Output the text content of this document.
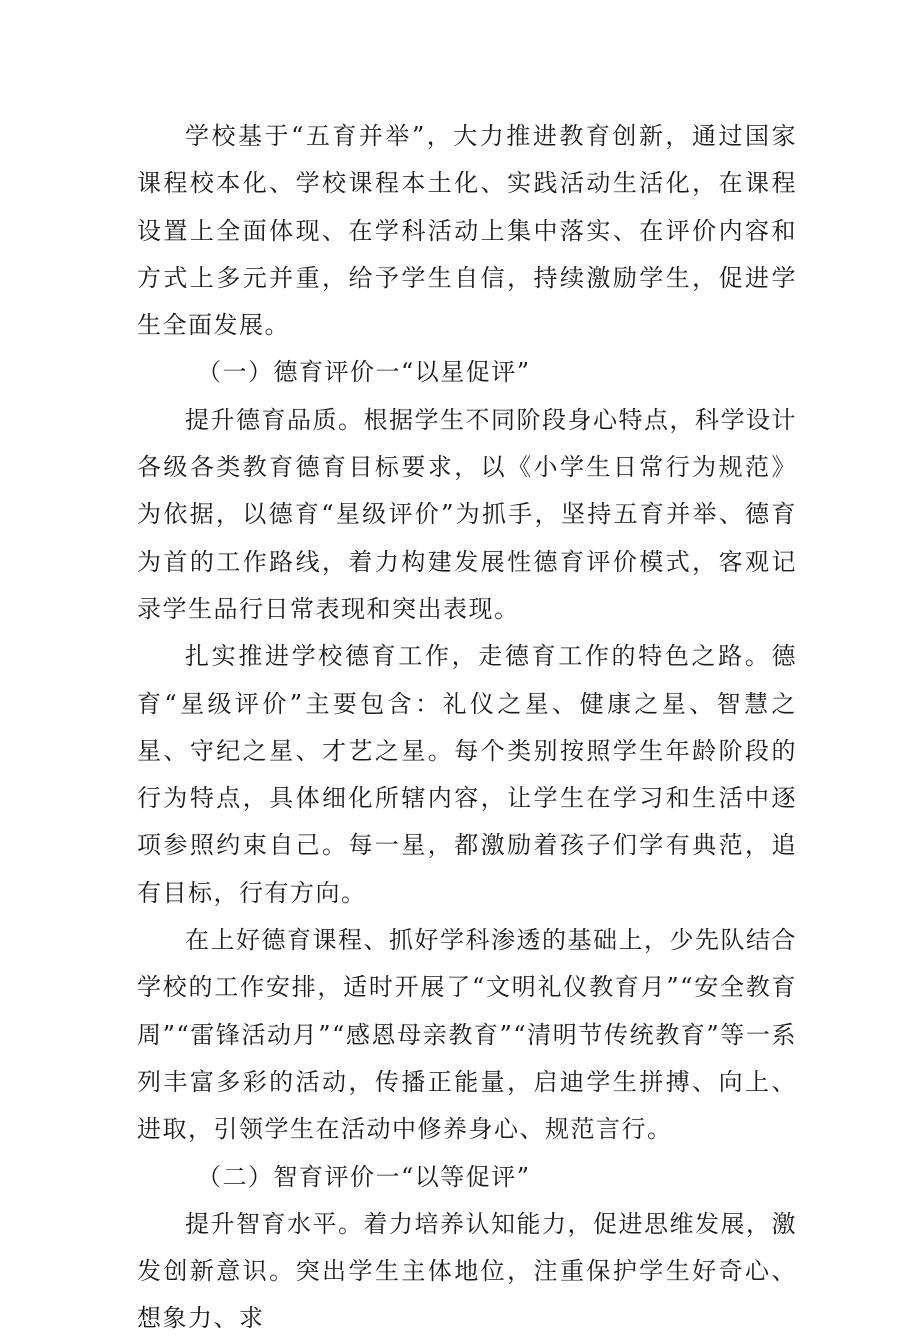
学校基于“五育并举”，大力推进教育创新，通过国家课程校本化、学校课程本土化、实践活动生活化，在课程设置上全面体现、在学科活动上集中落实、在评价内容和方式上多元并重，给予学生自信，持续激励学生，促进学生全面发展。

（一）德育评价一“以星促评”

提升德育品质。根据学生不同阶段身心特点，科学设计各级各类教育德育目标要求，以《小学生日常行为规范》为依据，以德育“星级评价”为抓手，坚持五育并举、德育为首的工作路线，着力构建发展性德育评价模式，客观记录学生品行日常表现和突出表现。

扎实推进学校德育工作，走德育工作的特色之路。德育“星级评价”主要包含：礼仪之星、健康之星、智慧之星、守纪之星、才艺之星。每个类别按照学生年龄阶段的行为特点，具体细化所辖内容，让学生在学习和生活中逐项参照约束自己。每一星，都激励着孩子们学有典范，追有目标，行有方向。

在上好德育课程、抓好学科渗透的基础上，少先队结合学校的工作安排，适时开展了“文明礼仪教育月”“安全教育周”“雷锋活动月”“感恩母亲教育”“清明节传统教育”等一系列丰富多彩的活动，传播正能量，启迪学生拼搏、向上、进取，引领学生在活动中修养身心、规范言行。

（二）智育评价一“以等促评”

提升智育水平。着力培养认知能力，促进思维发展，激发创新意识。突出学生主体地位，注重保护学生好奇心、想象力、求
